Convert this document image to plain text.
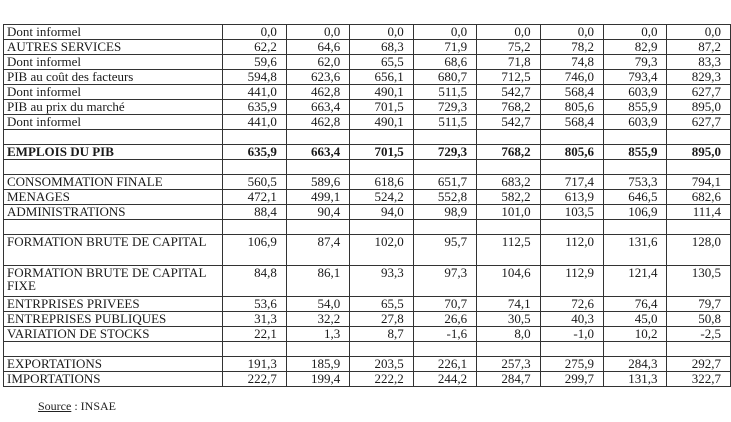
Dont informel	0,0	0,0	0,0	0,0	0,0	0,0	0,0	0,0
AUTRES SERVICES	62,2	64,6	68,3	71,9	75,2	78,2	82,9	87,2
Dont informel	59,6	62,0	65,5	68,6	71,8	74,8	79,3	83,3
PIB au coût des facteurs	594,8	623,6	656,1	680,7	712,5	746,0	793,4	829,3
Dont informel	441,0	462,8	490,1	511,5	542,7	568,4	603,9	627,7
PIB au prix du marché	635,9	663,4	701,5	729,3	768,2	805,6	855,9	895,0
Dont informel	441,0	462,8	490,1	511,5	542,7	568,4	603,9	627,7

EMPLOIS DU PIB	635,9	663,4	701,5	729,3	768,2	805,6	855,9	895,0

CONSOMMATION FINALE	560,5	589,6	618,6	651,7	683,2	717,4	753,3	794,1
MENAGES	472,1	499,1	524,2	552,8	582,2	613,9	646,5	682,6
ADMINISTRATIONS	88,4	90,4	94,0	98,9	101,0	103,5	106,9	111,4

FORMATION BRUTE DE CAPITAL	106,9	87,4	102,0	95,7	112,5	112,0	131,6	128,0
FORMATION BRUTE DE CAPITAL FIXE	84,8	86,1	93,3	97,3	104,6	112,9	121,4	130,5
ENTRPRISES PRIVEES	53,6	54,0	65,5	70,7	74,1	72,6	76,4	79,7
ENTREPRISES PUBLIQUES	31,3	32,2	27,8	26,6	30,5	40,3	45,0	50,8
VARIATION DE STOCKS	22,1	1,3	8,7	-1,6	8,0	-1,0	10,2	-2,5

EXPORTATIONS	191,3	185,9	203,5	226,1	257,3	275,9	284,3	292,7
IMPORTATIONS	222,7	199,4	222,2	244,2	284,7	299,7	131,3	322,7
Source : INSAE
